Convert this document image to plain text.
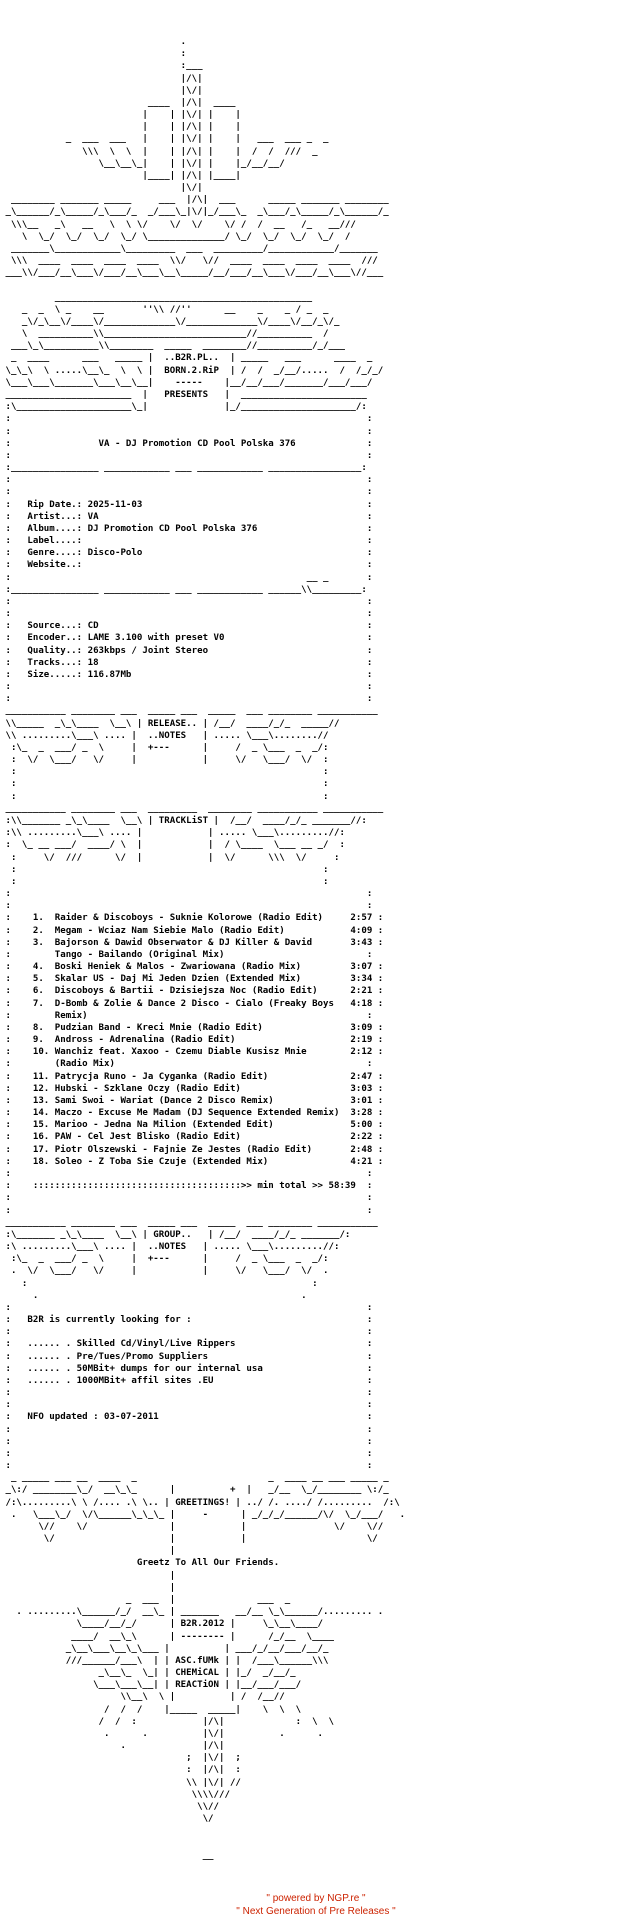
.
:
:___
|/\|
|\/|
____  |/\|  ____
|    | |\/| |    |
|    | |/\| |    |
_  ___  ___   |    | |\/| |    |   ___  ___ _  _
\\\  \  \  |    | |/\| |    |  /  /  ///  _
\__\__\_|    | |\/| |    |_/__/__/
|____| |/\| |____|
|\/|
________ _______ _____     ___  |/\|  ___      _____ _______ ________
_\______/_\_____/_\___/_  _/___\_|\/|_/___\_  _\___/_\_____/_\______/_
\\\__   _\   __   \  \ \/    \/  \/    \/ /  /  __   /_   __///
\  \_/  \_/  \_/  \_/ \______________/ \_/  \_/  \_/  \_/  /
_______\____________\_________  ___  _________/____________/_______
\\\  ____  ____  ____  ____  \\/   \//  ____  ____  ____  ____  ///
___\\/___/__\___\/___/__\___\__\_____/__/___/__\___\/___/__\___\//___

_______________________________________________
_  _  \ _    __       ''\\ //''      __    _    _ / _  _
_\/_\__\/____\/_____________\/_____________\/____\/__/_\/_
\  __________\\__________________________//__________  /
___\_\__________\\________  _____  ________//__________/_/___
_  ____      ___   _____ |  ..B2R.PL..  | _____   ___      ____  _
\_\_\  \ .....\__\_  \  \ |  BORN.2.RiP  | /  /  _/__/.....  /  /_/_/
\___\___\_______\___\__\__|    -----    |__/__/___/_______/___/___/
_______________________  |   PRESENTS   |  _______________________
:\_____________________\_|              |_/_____________________/:
:                                                                 :
:                                                                 :
:                VA - DJ Promotion CD Pool Polska 376             :
:                                                                 :
:________________ ____________ ___ ____________ _________________:
:                                                                 :
:                                                                 :
:   Rip Date.: 2025-11-03                                         :
:   Artist...: VA                                                 :
:   Album....: DJ Promotion CD Pool Polska 376                    :
:   Label....:                                                    :
:   Genre....: Disco-Polo                                         :
:   Website..:                                                    :
:                                                      __ _       :
:________________ ____________ ___ ____________ ______\\_________:
:                                                                 :
:                                                                 :
:   Source...: CD                                                 :
:   Encoder..: LAME 3.100 with preset V0                          :
:   Quality..: 263kbps / Joint Stereo                             :
:   Tracks...: 18                                                 :
:   Size.....: 116.87Mb                                           :
:                                                                 :
:                                                                 :
___________ ________ ___  _____ ___  _____  ___ ________ ___________
\\_____  _\_\____  \__\ | RELEASE.. | /__/  ____/_/_  _____//
\\ .........\___\ .... |  ..NOTES   | ..... \___\........//
:\_  _  ___/ _  \     |  +---      |     /  _ \___  _  _/:
:  \/  \___/   \/     |            |     \/   \___/  \/  :
:                                                        :
:                                                        :
:                                                        :
___________ ________ ___  _________  ________ ___________ ___________
:\\_______ _\_\____  \__\ | TRACKLiST |  /__/  ____/_/_ _______//:
:\\ .........\___\ .... |            | ..... \___\.........//:
:  \_ __ ___/  ____/ \  |            |  / \____  \___ __ _/  :
:     \/  ///      \/  |            |  \/      \\\  \/     :
:                                                        :
:                                                        :
:                                                                 :
:                                                                 :
:    1.  Raider & Discoboys - Suknie Kolorowe (Radio Edit)     2:57 :
:    2.  Megam - Wciaz Nam Siebie Malo (Radio Edit)            4:09 :
:    3.  Bajorson & Dawid Obserwator & DJ Killer & David       3:43 :
:        Tango - Bailando (Original Mix)                          :
:    4.  Boski Heniek & Malos - Zwariowana (Radio Mix)         3:07 :
:    5.  Skalar US - Daj Mi Jeden Dzien (Extended Mix)         3:34 :
:    6.  Discoboys & Bartii - Dzisiejsza Noc (Radio Edit)      2:21 :
:    7.  D-Bomb & Zolie & Dance 2 Disco - Cialo (Freaky Boys   4:18 :
:        Remix)                                                   :
:    8.  Pudzian Band - Kreci Mnie (Radio Edit)                3:09 :
:    9.  Andross - Adrenalina (Radio Edit)                     2:19 :
:    10. Wanchiz feat. Xaxoo - Czemu Diable Kusisz Mnie        2:12 :
:        (Radio Mix)                                              :
:    11. Patrycja Runo - Ja Cyganka (Radio Edit)               2:47 :
:    12. Hubski - Szklane Oczy (Radio Edit)                    3:03 :
:    13. Sami Swoi - Wariat (Dance 2 Disco Remix)              3:01 :
:    14. Maczo - Excuse Me Madam (DJ Sequence Extended Remix)  3:28 :
:    15. Marioo - Jedna Na Milion (Extended Edit)              5:00 :
:    16. PAW - Cel Jest Blisko (Radio Edit)                    2:22 :
:    17. Piotr Olszewski - Fajnie Ze Jestes (Radio Edit)       2:48 :
:    18. Soleo - Z Toba Sie Czuje (Extended Mix)               4:21 :
:                                                                 :
:    ::::::::::::::::::::::::::::::::::::::>> min total >> 58:39  :
:                                                                 :
:                                                                 :
___________ ________ ___  _____ ___  _____  ___ ________ ___________
:\_______ _\_\____  \__\ | GROUP..   | /__/  ____/_/_ _______/:
:\ .........\___\ .... |  ..NOTES   | ..... \___\.........//:
:\_  _  ___/ _  \     |  +---      |     /  _ \___  _  _/:
.  \/  \___/   \/     |            |     \/   \___/  \/  .
:                                                    :
.                                                .
:                                                                 :
:   B2R is currently looking for :                                :
:                                                                 :
:   ...... . Skilled Cd/Vinyl/Live Rippers                        :
:   ...... . Pre/Tues/Promo Suppliers                             :
:   ...... . 50MBit+ dumps for our internal usa                   :
:   ...... . 1000MBit+ affil sites .EU                            :
:                                                                 :
:                                                                 :
:   NFO updated : 03-07-2011                                      :
:                                                                 :
:                                                                 :
:                                                                 :
:                                                                 :
_ _____ ___ __  ____  _                        _  ____ __ ___ _____ _
_\:/ ________\_/  __\_\_      |          +  |   _/__  \_/________ \:/_
/:\.........\ \ /.... .\ \.. | GREETINGS! | ../ /. ..../ /.........  /:\
.   \___\_/  \/\______\_\_\_ |     -      | _/_/_/______/\/  \_/___/   .
\//    \/               |            |                \/    \//
\/                     |            |                      \/
|
Greetz To All Our Friends.
|
|
_  ___  |               ___  _
. .........\______/_/  __\_ | _______   __/__ \_\______/......... .
\____/__/_/      | B2R.2012 |     \_\__\____/
____/  __\_\      | -------- |      /_/__  \____
_\__\___\__\_\___ |          | ___/_/__/___/__/_
///______/___\  | | ASC.fUMk | |  /___\______\\\
_\__\_  \_| | CHEMiCAL | |_/  _/__/_
\___\___\__| | REACTiON | |__/___/___/
\\__\  \ |          | /  /__//
/  /  /    |_____  _____|    \  \  \
/  /  :            |/\|             :  \  \
.      .          |\/|          .      .
.              |/\|
;  |\/|  ;
:  |/\|  :
\\ |\/| //
\\\\///
\\//
\/

__

" powered by NGP.re "
" Next Generation of Pre Releases "
